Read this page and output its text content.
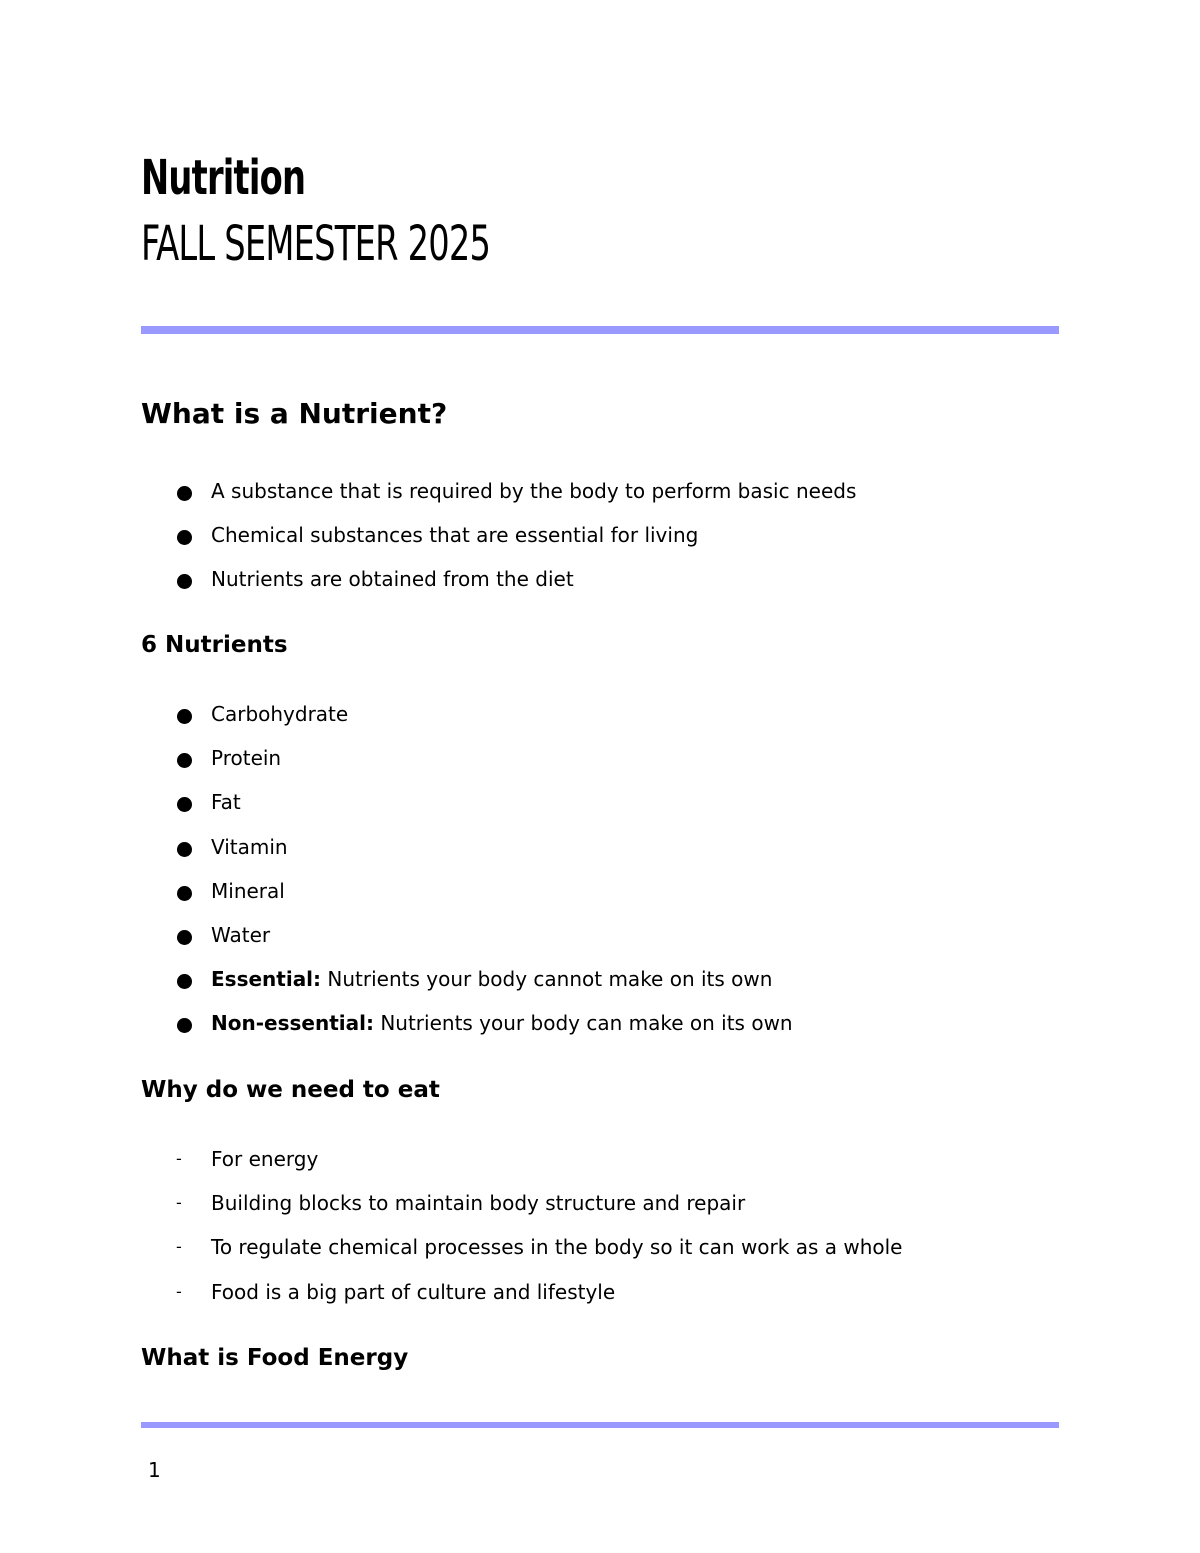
Nutrition
FALL SEMESTER 2025
What is a Nutrient?
A substance that is required by the body to perform basic needs
Chemical substances that are essential for living
Nutrients are obtained from the diet
6 Nutrients
Carbohydrate
Protein
Fat
Vitamin
Mineral
Water
Essential: Nutrients your body cannot make on its own
Non-essential: Nutrients your body can make on its own
Why do we need to eat
- For energy
- Building blocks to maintain body structure and repair
- To regulate chemical processes in the body so it can work as a whole
- Food is a big part of culture and lifestyle
What is Food Energy
1
